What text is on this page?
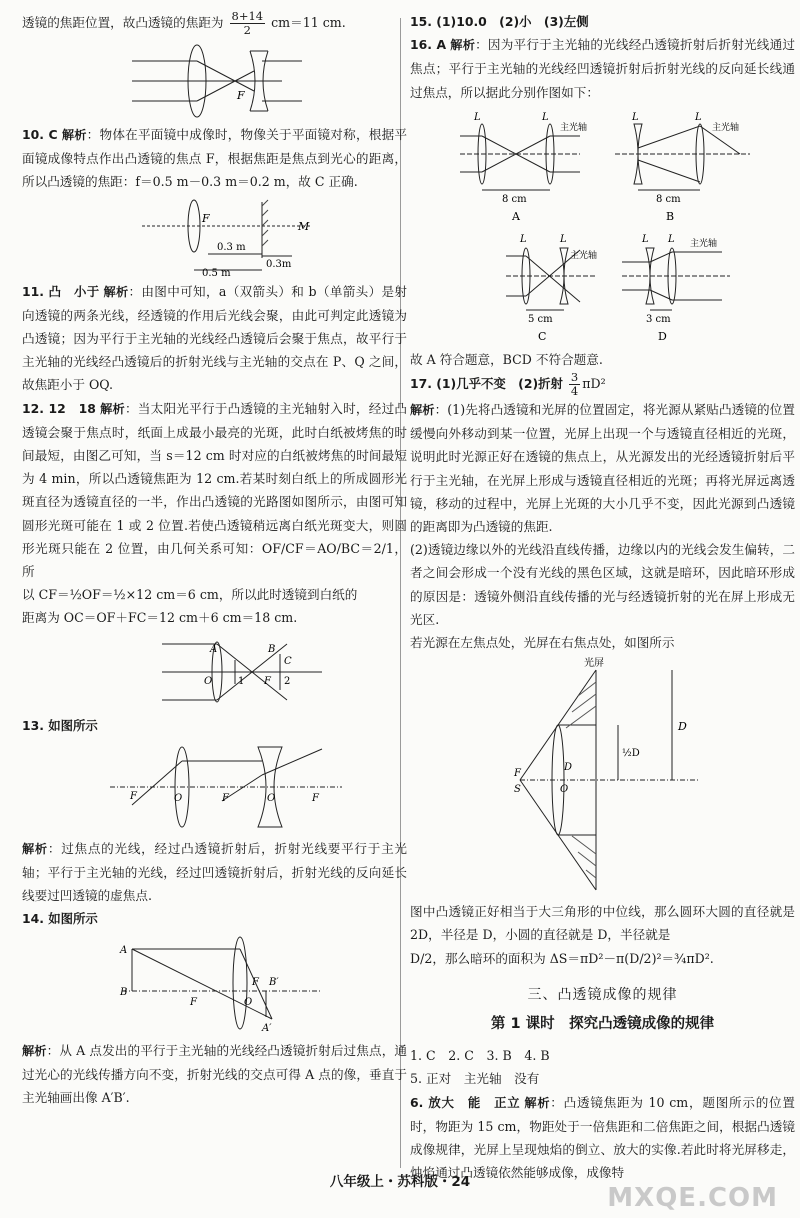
透镜的焦距位置，故凸透镜的焦距为 $\frac{8+14}{2} cm=11$ cm.

F

10. C 解析：物体在平面镜中成像时，物像关于平面镜对称，根据平面镜成像特点作出凸透镜的焦点 F，根据焦距是焦点到光心的距离，所以凸透镜的焦距：f＝0.5 m－0.3 m＝0.2 m，故 C 正确.

F
M
0.3 m
0.3m
0.5 m

11. 凸　小于 解析：由图中可知，a（双箭头）和 b（单箭头）是射向透镜的两条光线，经透镜的作用后光线会聚，由此可判定此透镜为凸透镜；因为平行于主光轴的光线经凸透镜后会聚于焦点，故平行于主光轴的光线经凸透镜后的折射光线与主光轴的交点在 P、Q 之间，故焦距小于 OQ.

12. 12　18 解析：当太阳光平行于凸透镜的主光轴射入时，经过凸透镜会聚于焦点时，纸面上成最小最亮的光斑，此时白纸被烤焦的时间最短，由图乙可知，当 s＝12 cm 时对应的白纸被烤焦的时间最短为 4 min，所以凸透镜焦距为 12 cm.若某时刻白纸上的所成圆形光斑直径为透镜直径的一半，作出凸透镜的光路图如图所示，由图可知圆形光斑可能在 1 或 2 位置.若使凸透镜稍远离白纸光斑变大，则圆形光斑只能在 2 位置，由几何关系可知：OF/CF＝AO/BC＝2/1，所

以 CF＝½OF＝½×12 cm＝6 cm，所以此时透镜到白纸的

距离为 OC＝OF＋FC＝12 cm＋6 cm＝18 cm.

A	B
C
O	F
1	2

13. 如图所示

F	O	F	O	F

解析：过焦点的光线，经过凸透镜折射后，折射光线要平行于主光轴；平行于主光轴的光线，经过凹透镜折射后，折射光线的反向延长线要过凹透镜的虚焦点.

14. 如图所示

A
B
F	O
F B′
A′

解析：从 A 点发出的平行于主光轴的光线经凸透镜折射后过焦点，通过光心的光线传播方向不变，折射光线的交点可得 A 点的像，垂直于主光轴画出像 A′B′.

15. (1)10.0　(2)小　(3)左侧

16. A 解析：因为平行于主光轴的光线经凸透镜折射后折射光线通过焦点；平行于主光轴的光线经凹透镜折射后折射光线的反向延长线通过焦点，所以据此分别作图如下：

L	L
主光轴
8 cm
A
L	L
主光轴
8 cm
B
L	L
主光轴
5 cm
C
L L 主光轴
3 cm
D

故 A 符合题意，BCD 不符合题意.

17. (1)几乎不变　(2)折射 $\frac{3}{4} \pi D^2$

解析：(1)先将凸透镜和光屏的位置固定，将光源从紧贴凸透镜的位置缓慢向外移动到某一位置，光屏上出现一个与透镜直径相近的光斑，说明此时光源正好在透镜的焦点上，从光源发出的光经透镜折射后平行于主光轴，在光屏上形成与透镜直径相近的光斑；再将光屏远离透镜，移动的过程中，光屏上光斑的大小几乎不变，因此光源到凸透镜的距离即为凸透镜的焦距.

(2)透镜边缘以外的光线沿直线传播，边缘以内的光线会发生偏转，二者之间会形成一个没有光线的黑色区域，这就是暗环，因此暗环形成的原因是：透镜外侧沿直线传播的光与经透镜折射的光在屏上形成无光区.

若光源在左焦点处，光屏在右焦点处，如图所示

光屏
D
½D
F
S	O
D

图中凸透镜正好相当于大三角形的中位线，那么圆环大圆的直径就是 2D，半径是 D，小圆的直径就是 D，半径就是

D/2，那么暗环的面积为 ΔS＝πD²－π(D/2)²＝¾πD².

三、凸透镜成像的规律
第 1 课时　探究凸透镜成像的规律

1. C　2. C　3. B　4. B

5. 正对　主光轴　没有

6. 放大　能　正立 解析：凸透镜焦距为 10 cm，题图所示的位置时，物距为 15 cm，物距处于一倍焦距和二倍焦距之间，根据凸透镜成像规律，光屏上呈现烛焰的倒立、放大的实像.若此时将光屏移走，烛焰通过凸透镜依然能够成像，成像特

八年级上・苏科版・24
MXQE.COM
